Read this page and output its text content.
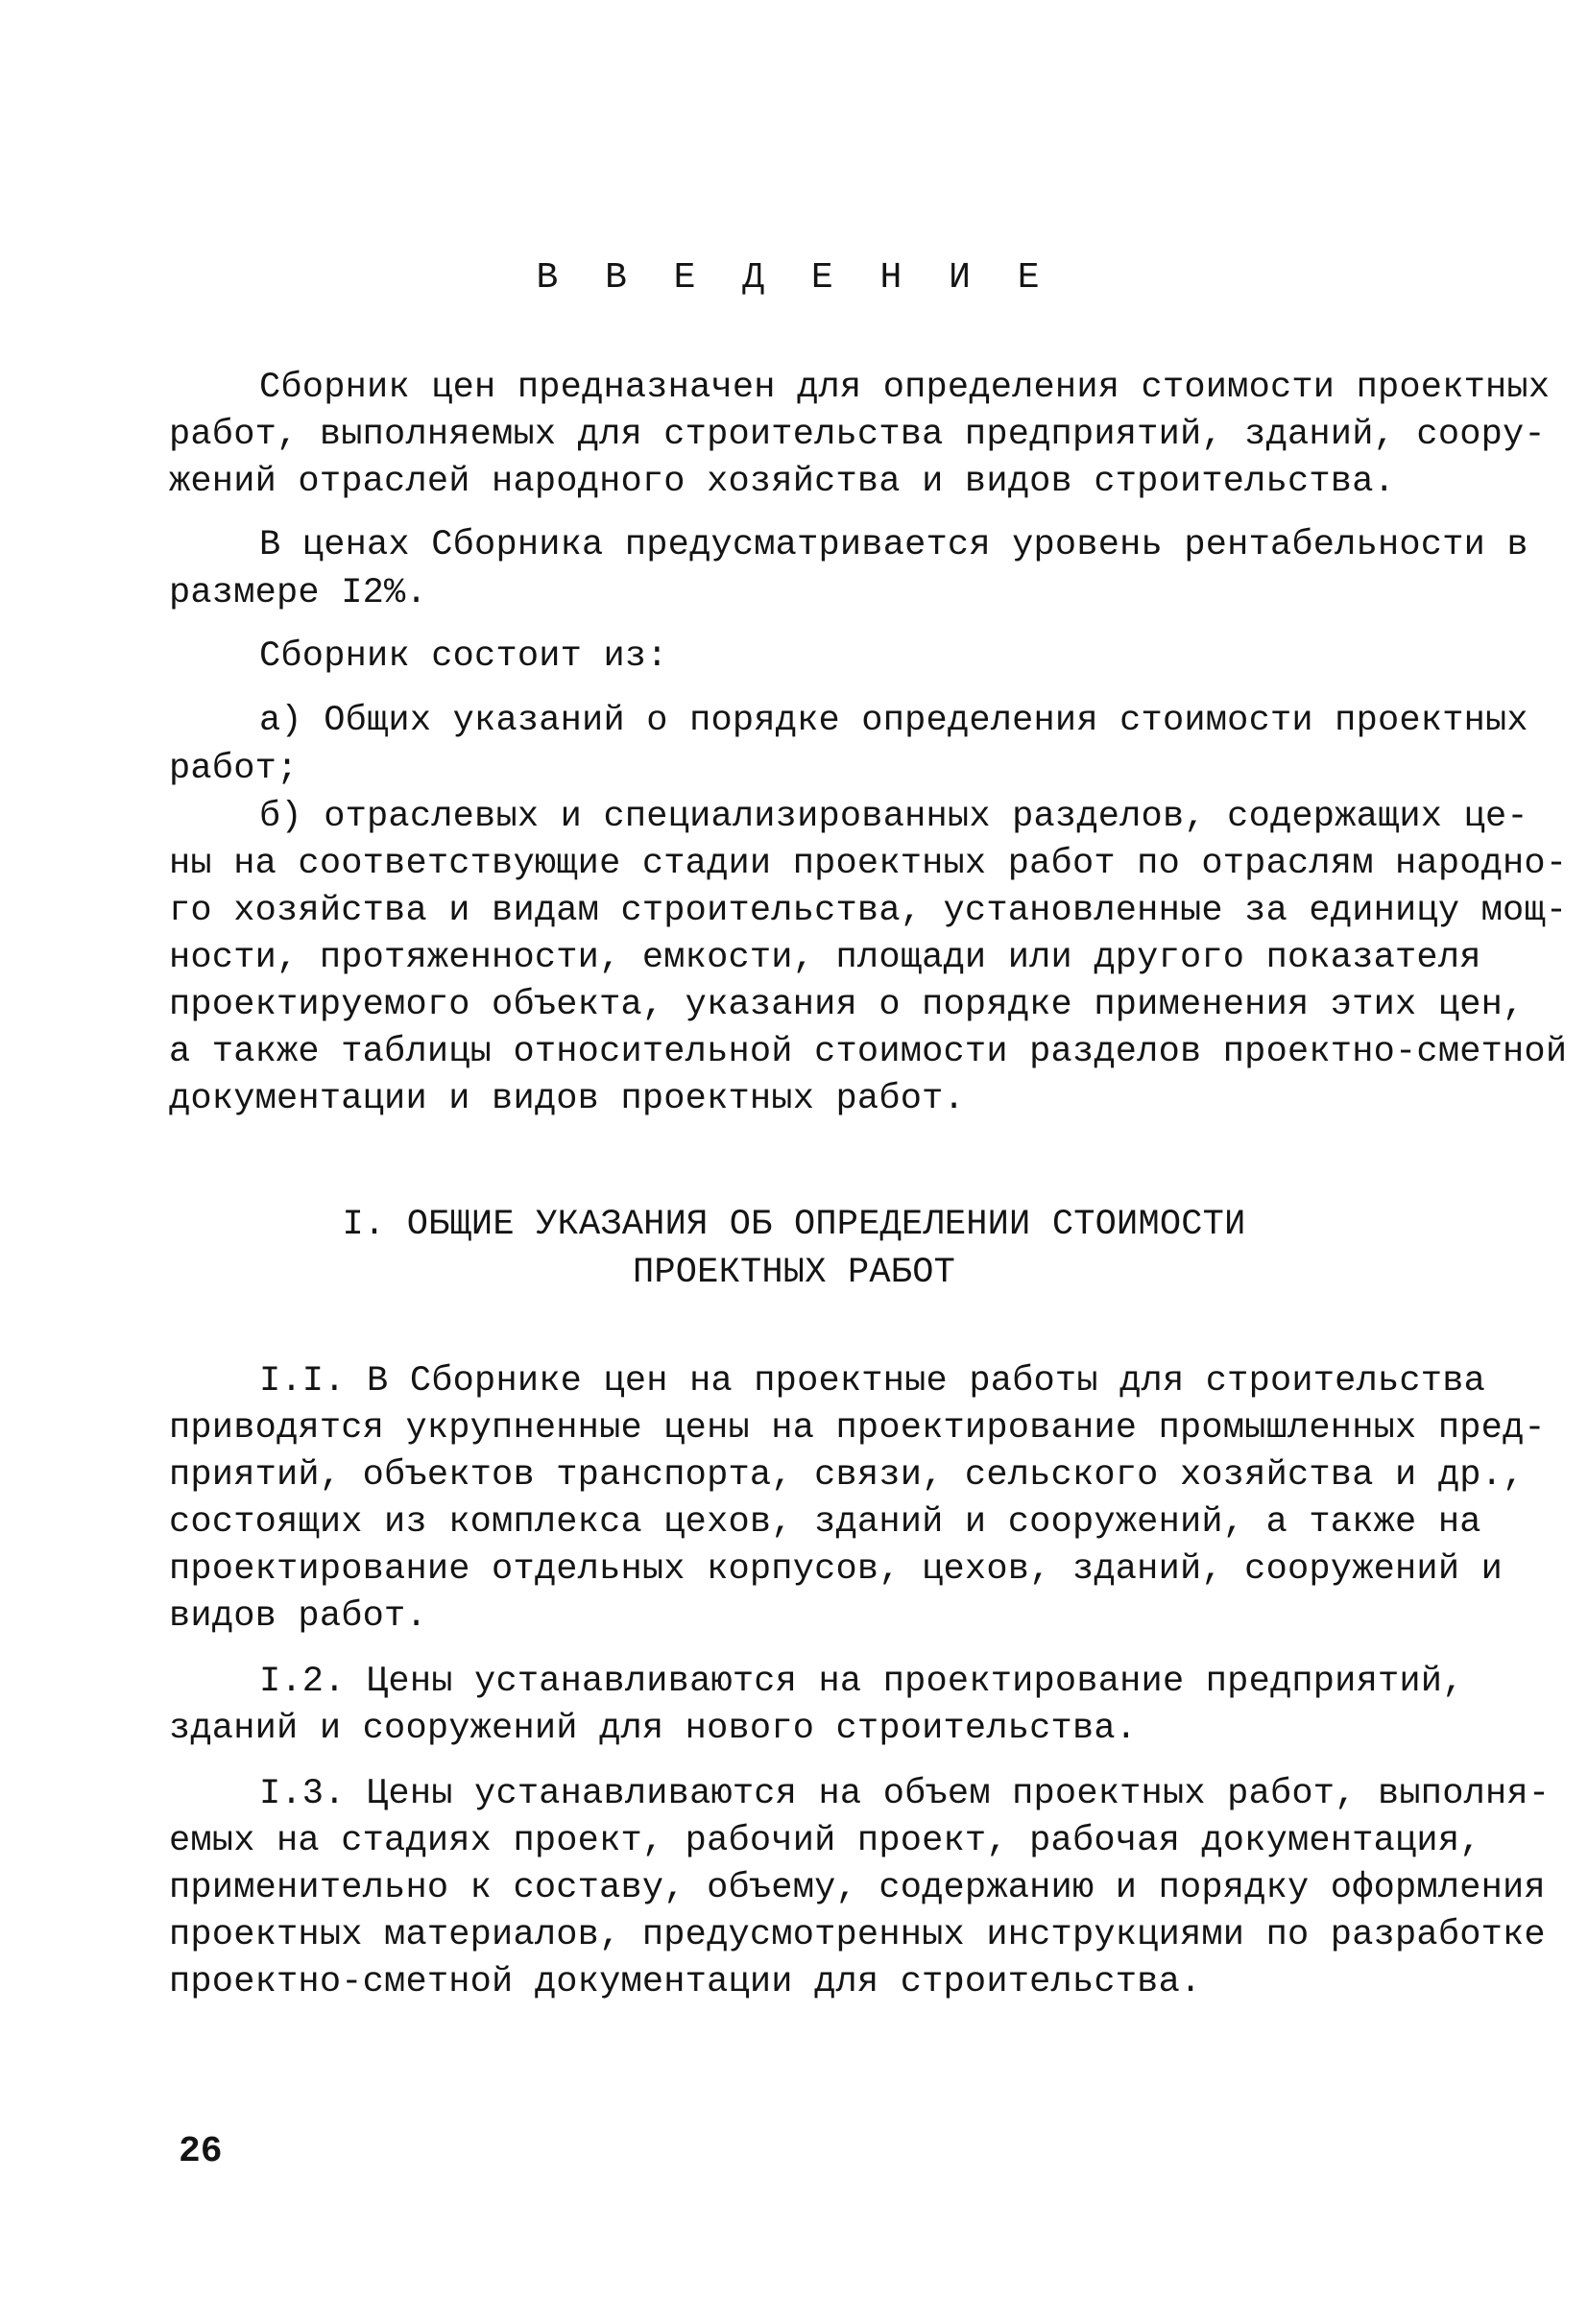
В В Е Д Е Н И Е
Сборник цен предназначен для определения стоимости проектных
работ, выполняемых для строительства предприятий, зданий, соору-
жений отраслей народного хозяйства и видов строительства.
В ценах Сборника предусматривается уровень рентабельности в
размере I2%.
Сборник состоит из:
а) Общих указаний о порядке определения стоимости проектных
работ;
б) отраслевых и специализированных разделов, содержащих це-
ны на соответствующие стадии проектных работ по отраслям народно-
го хозяйства и видам строительства, установленные за единицу мощ-
ности, протяженности, емкости, площади или другого показателя
проектируемого объекта, указания о порядке применения этих цен,
а также таблицы относительной стоимости разделов проектно-сметной
документации и видов проектных работ.
I. ОБЩИЕ УКАЗАНИЯ ОБ ОПРЕДЕЛЕНИИ СТОИМОСТИ
ПРОЕКТНЫХ РАБОТ
I.I. В Сборнике цен на проектные работы для строительства
приводятся укрупненные цены на проектирование промышленных пред-
приятий, объектов транспорта, связи, сельского хозяйства и др.,
состоящих из комплекса цехов, зданий и сооружений, а также на
проектирование отдельных корпусов, цехов, зданий, сооружений и
видов работ.
I.2. Цены устанавливаются на проектирование предприятий,
зданий и сооружений для нового строительства.
I.3. Цены устанавливаются на объем проектных работ, выполня-
емых на стадиях проект, рабочий проект, рабочая документация,
применительно к составу, объему, содержанию и порядку оформления
проектных материалов, предусмотренных инструкциями по разработке
проектно-сметной документации для строительства.
26
